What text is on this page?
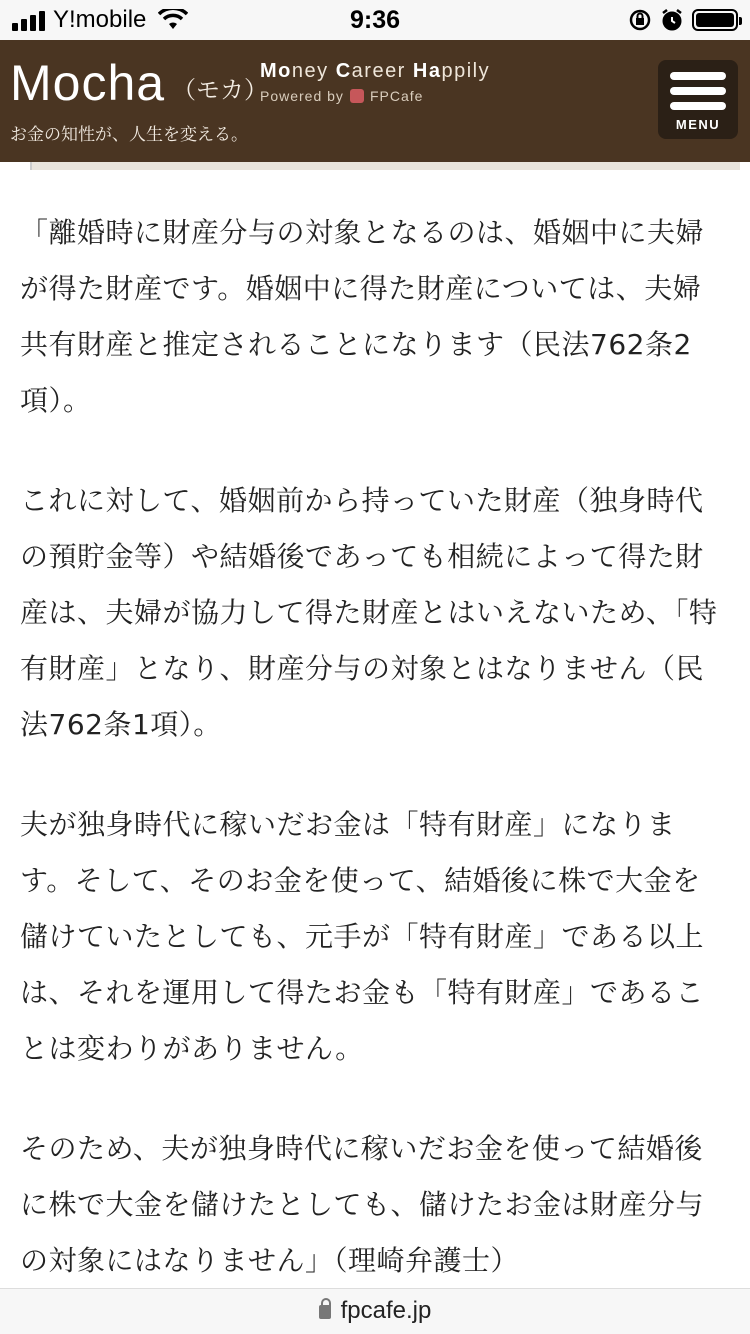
Y!mobile	9:36
Mocha （モカ）
Money Career Happily
Powered by FPCafe
お金の知性が、人生を変える。
MENU

「離婚時に財産分与の対象となるのは、婚姻中に夫婦が得た財産です。婚姻中に得た財産については、夫婦共有財産と推定されることになります（民法762条2項）。

これに対して、婚姻前から持っていた財産（独身時代の預貯金等）や結婚後であっても相続によって得た財産は、夫婦が協力して得た財産とはいえないため、「特有財産」となり、財産分与の対象とはなりません（民法762条1項）。

夫が独身時代に稼いだお金は「特有財産」になります。そして、そのお金を使って、結婚後に株で大金を儲けていたとしても、元手が「特有財産」である以上は、それを運用して得たお金も「特有財産」であることは変わりがありません。

そのため、夫が独身時代に稼いだお金を使って結婚後に株で大金を儲けたとしても、儲けたお金は財産分与の対象にはなりません」（理崎弁護士）

fpcafe.jp
